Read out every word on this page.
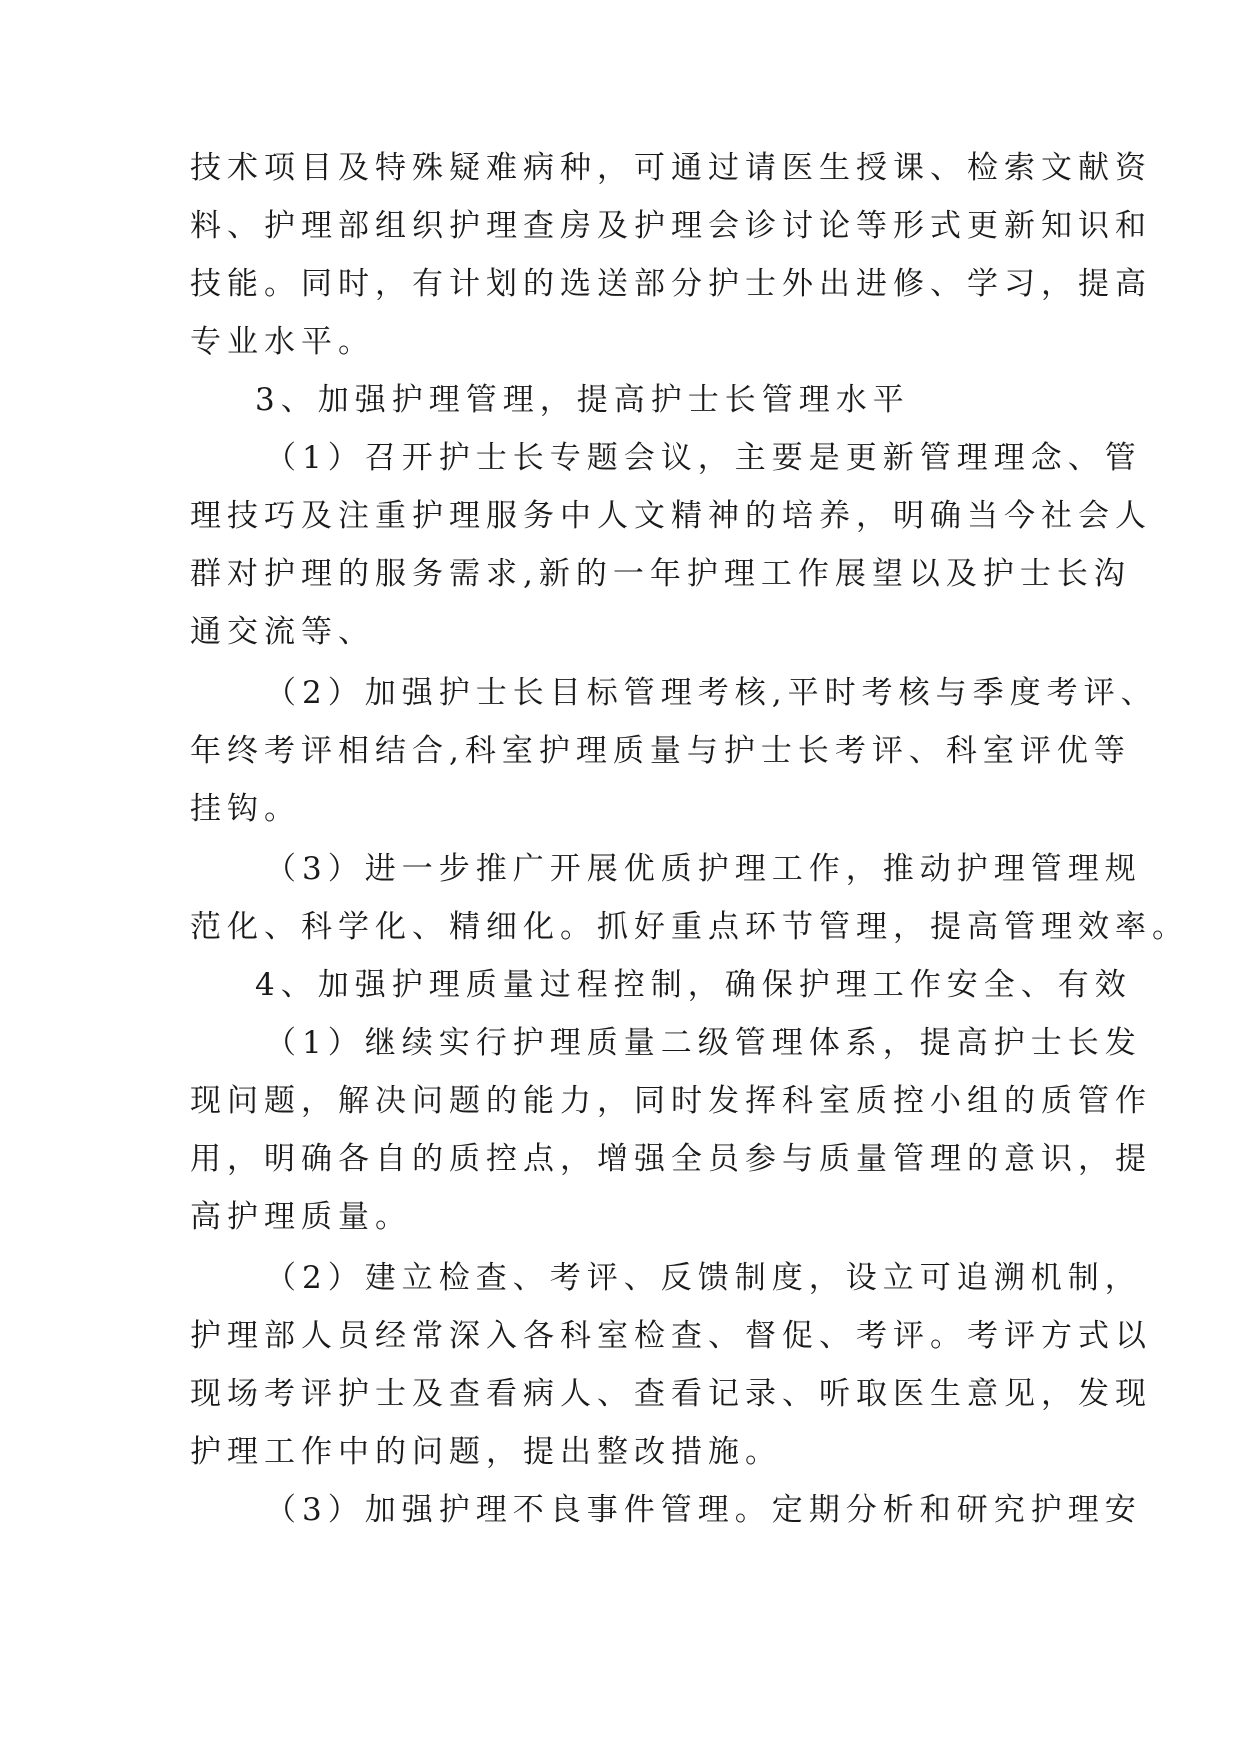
技术项目及特殊疑难病种，可通过请医生授课、检索文献资
料、护理部组织护理查房及护理会诊讨论等形式更新知识和
技能。同时，有计划的选送部分护士外出进修、学习，提高
专业水平。
3、加强护理管理，提高护士长管理水平
（1）召开护士长专题会议，主要是更新管理理念、管
理技巧及注重护理服务中人文精神的培养，明确当今社会人
群对护理的服务需求,新的一年护理工作展望以及护士长沟
通交流等、
（2）加强护士长目标管理考核,平时考核与季度考评、
年终考评相结合,科室护理质量与护士长考评、科室评优等
挂钩。
（3）进一步推广开展优质护理工作，推动护理管理规
范化、科学化、精细化。抓好重点环节管理，提高管理效率。
4、加强护理质量过程控制，确保护理工作安全、有效
（1）继续实行护理质量二级管理体系，提高护士长发
现问题，解决问题的能力，同时发挥科室质控小组的质管作
用，明确各自的质控点，增强全员参与质量管理的意识，提
高护理质量。
（2）建立检查、考评、反馈制度，设立可追溯机制，
护理部人员经常深入各科室检查、督促、考评。考评方式以
现场考评护士及查看病人、查看记录、听取医生意见，发现
护理工作中的问题，提出整改措施。
（3）加强护理不良事件管理。定期分析和研究护理安
